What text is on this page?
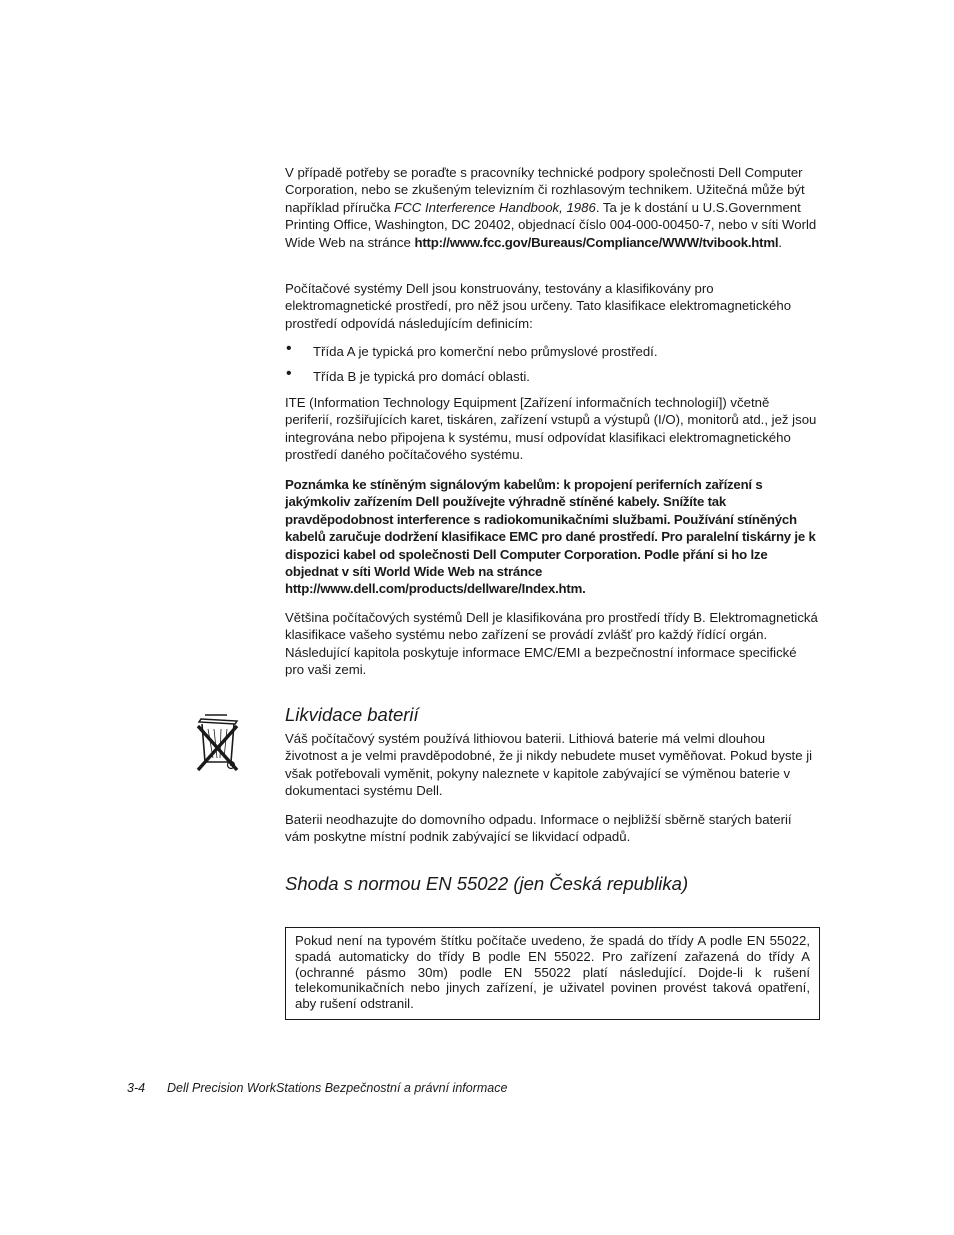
V případě potřeby se poraďte s pracovníky technické podpory společnosti Dell Computer Corporation, nebo se zkušeným televizním či rozhlasovým technikem. Užitečná může být například příručka FCC Interference Handbook, 1986. Ta je k dostání u U.S.Government Printing Office, Washington, DC 20402, objednací číslo 004-000-00450-7, nebo v síti World Wide Web na stránce http://www.fcc.gov/Bureaus/Compliance/WWW/tvibook.html.

Počítačové systémy Dell jsou konstruovány, testovány a klasifikovány pro elektromagnetické prostředí, pro něž jsou určeny. Tato klasifikace elektromagnetického prostředí odpovídá následujícím definicím:

• Třída A je typická pro komerční nebo průmyslové prostředí.
• Třída B je typická pro domácí oblasti.

ITE (Information Technology Equipment [Zařízení informačních technologií]) včetně periferií, rozšiřujících karet, tiskáren, zařízení vstupů a výstupů (I/O), monitorů atd., jež jsou integrována nebo připojena k systému, musí odpovídat klasifikaci elektromagnetického prostředí daného počítačového systému.

Poznámka ke stíněným signálovým kabelům: k propojení periferních zařízení s jakýmkoliv zařízením Dell používejte výhradně stíněné kabely. Snížíte tak pravděpodobnost interference s radiokomunikačními službami. Používání stíněných kabelů zaručuje dodržení klasifikace EMC pro dané prostředí. Pro paralelní tiskárny je k dispozici kabel od společnosti Dell Computer Corporation. Podle přání si ho lze objednat v síti World Wide Web na stránce http://www.dell.com/products/dellware/Index.htm.

Většina počítačových systémů Dell je klasifikována pro prostředí třídy B. Elektromagnetická klasifikace vašeho systému nebo zařízení se provádí zvlášť pro každý řídící orgán. Následující kapitola poskytuje informace EMC/EMI a bezpečnostní informace specifické pro vaši zemi.

Likvidace baterií

Váš počítačový systém používá lithiovou baterii. Lithiová baterie má velmi dlouhou životnost a je velmi pravděpodobné, že ji nikdy nebudete muset vyměňovat. Pokud byste ji však potřebovali vyměnit, pokyny naleznete v kapitole zabývající se výměnou baterie v dokumentaci systému Dell.

Baterii neodhazujte do domovního odpadu. Informace o nejbližší sběrně starých baterií vám poskytne místní podnik zabývající se likvidací odpadů.

Shoda s normou EN 55022 (jen Česká republika)

Pokud není na typovém štítku počítače uvedeno, že spadá do třídy A podle EN 55022, spadá automaticky do třídy B podle EN 55022. Pro zařízení zařazená do třídy A (ochranné pásmo 30m) podle EN 55022 platí následující. Dojde-li k rušení telekomunikačních nebo jinych zařízení, je uživatel povinen provést taková opatření, aby rušení odstranil.

3-4 Dell Precision WorkStations Bezpečnostní a právní informace
